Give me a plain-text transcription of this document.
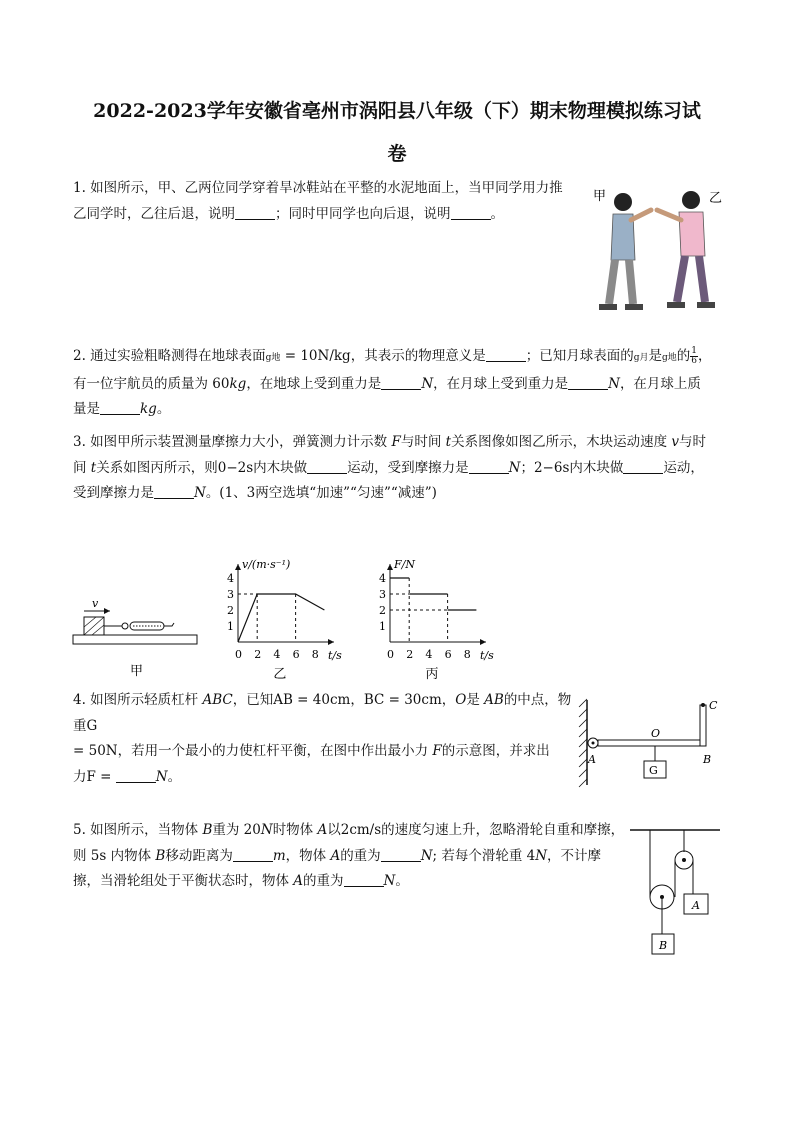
2022-2023学年安徽省亳州市涡阳县八年级（下）期末物理模拟练习试
卷
1. 如图所示，甲、乙两位同学穿着旱冰鞋站在平整的水泥地面上，当甲同学用力推
乙同学时，乙往后退，说明	；同时甲同学也向后退，说明	。
甲	乙
2. 通过实验粗略测得在地球表面g地 = 10N/kg，其表示的物理意义是	；已知月球表面的g月是g地的 $\frac{1}{6}$ ，
有一位宇航员的质量为 60kg，在地球上受到重力是	N，在月球上受到重力是	N，在月球上质
量是	kg。
3. 如图甲所示装置测量摩擦力大小，弹簧测力计示数 F与时间 t关系图像如图乙所示，木块运动速度 v与时
间 t关系如图丙所示，则0−2s内木块做	运动，受到摩擦力是	N；2−6s内木块做	运动，
受到摩擦力是	N。(1、3两空选填“加速”“匀速”“减速”)
v
甲
v/(m·s⁻¹)
t/s
0 2 4 6 8
1
2
3
4
乙
F/N
t/s
0 2 4 6 8
1
2
3
4
丙
4. 如图所示轻质杠杆 ABC，已知AB = 40cm，BC = 30cm，O是 AB的中点，物重G
= 50N，若用一个最小的力使杠杆平衡，在图中作出最小力 F的示意图，并求出
力F =	N。	G
O
A	B
C
5. 如图所示，当物体 B重为 20N时物体 A以2cm/s的速度匀速上升，忽略滑轮自重和摩擦，
则 5s 内物体 B移动距离为	m，物体 A的重为	N; 若每个滑轮重 4N，不计摩
擦，当滑轮组处于平衡状态时，物体 A的重为	N。
A
B
